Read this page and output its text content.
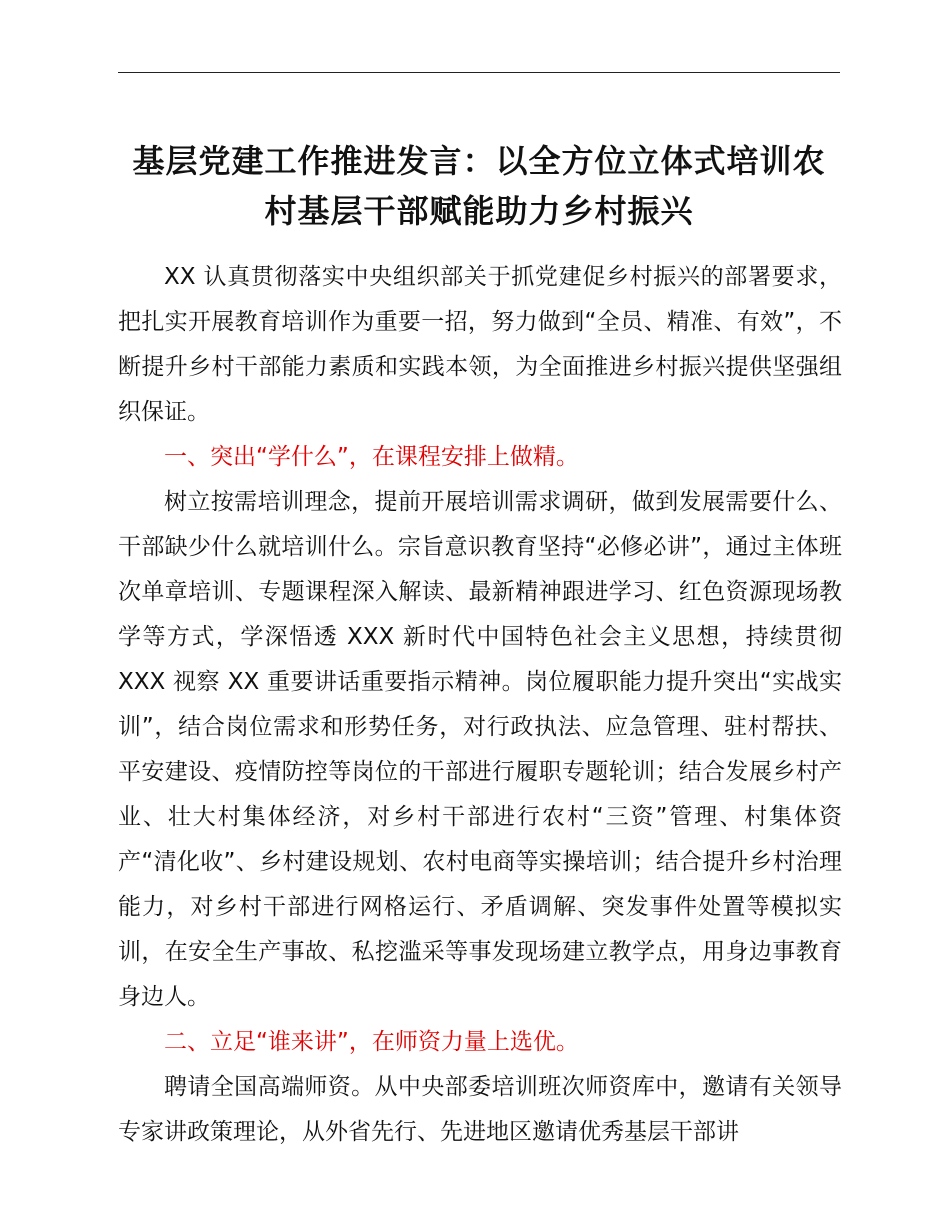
基层党建工作推进发言：以全方位立体式培训农
村基层干部赋能助力乡村振兴

XX 认真贯彻落实中央组织部关于抓党建促乡村振兴的部署要求，把扎实开展教育培训作为重要一招，努力做到“全员、精准、有效”，不断提升乡村干部能力素质和实践本领，为全面推进乡村振兴提供坚强组织保证。

一、突出“学什么”，在课程安排上做精。

树立按需培训理念，提前开展培训需求调研，做到发展需要什么、干部缺少什么就培训什么。宗旨意识教育坚持“必修必讲”，通过主体班次单章培训、专题课程深入解读、最新精神跟进学习、红色资源现场教学等方式，学深悟透 XXX 新时代中国特色社会主义思想，持续贯彻 XXX 视察 XX 重要讲话重要指示精神。岗位履职能力提升突出“实战实训”，结合岗位需求和形势任务，对行政执法、应急管理、驻村帮扶、平安建设、疫情防控等岗位的干部进行履职专题轮训；结合发展乡村产业、壮大村集体经济，对乡村干部进行农村“三资”管理、村集体资产“清化收”、乡村建设规划、农村电商等实操培训；结合提升乡村治理能力，对乡村干部进行网格运行、矛盾调解、突发事件处置等模拟实训，在安全生产事故、私挖滥采等事发现场建立教学点，用身边事教育身边人。

二、立足“谁来讲”，在师资力量上选优。

聘请全国高端师资。从中央部委培训班次师资库中，邀请有关领导专家讲政策理论，从外省先行、先进地区邀请优秀基层干部讲
